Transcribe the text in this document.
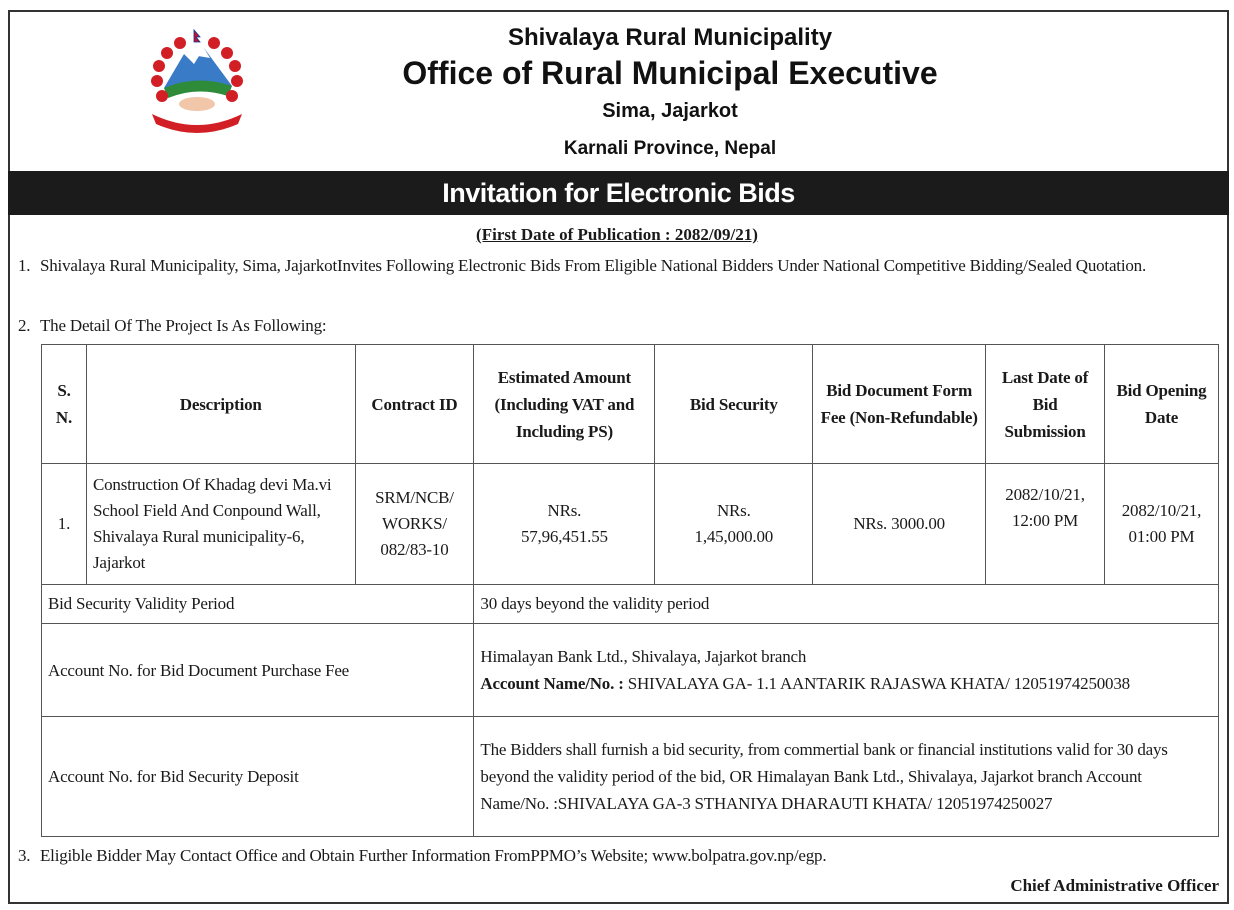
Shivalaya Rural Municipality
Office of Rural Municipal Executive
Sima, Jajarkot
Karnali Province, Nepal
Invitation for Electronic Bids
(First Date of Publication : 2082/09/21)
1. Shivalaya Rural Municipality, Sima, JajarkotInvites Following Electronic Bids From Eligible National Bidders Under National Competitive Bidding/Sealed Quotation.
2. The Detail Of The Project Is As Following:
S. N.	Description	Contract ID	Estimated Amount (Including VAT and Including PS)	Bid Security	Bid Document Form Fee (Non-Refundable)	Last Date of Bid Submission	Bid Opening Date
1.	Construction Of Khadag devi Ma.vi School Field And Conpound Wall, Shivalaya Rural municipality-6, Jajarkot	SRM/NCB/ WORKS/ 082/83-10	NRs. 57,96,451.55	NRs. 1,45,000.00	NRs. 3000.00	2082/10/21, 12:00 PM	2082/10/21, 01:00 PM
Bid Security Validity Period			30 days beyond the validity period				
Account No. for Bid Document Purchase Fee			Himalayan Bank Ltd., Shivalaya, Jajarkot branch
Account Name/No. : SHIVALAYA GA- 1.1 AANTARIK RAJASWA KHATA/ 12051974250038				
Account No. for Bid Security Deposit			The Bidders shall furnish a bid security, from commertial bank or financial institutions valid for 30 days beyond the validity period of the bid, OR Himalayan Bank Ltd., Shivalaya, Jajarkot branch Account Name/No. :SHIVALAYA GA-3 STHANIYA DHARAUTI KHATA/ 12051974250027				
3. Eligible Bidder May Contact Office and Obtain Further Information FromPPMO’s Website; www.bolpatra.gov.np/egp.
Chief Administrative Officer
